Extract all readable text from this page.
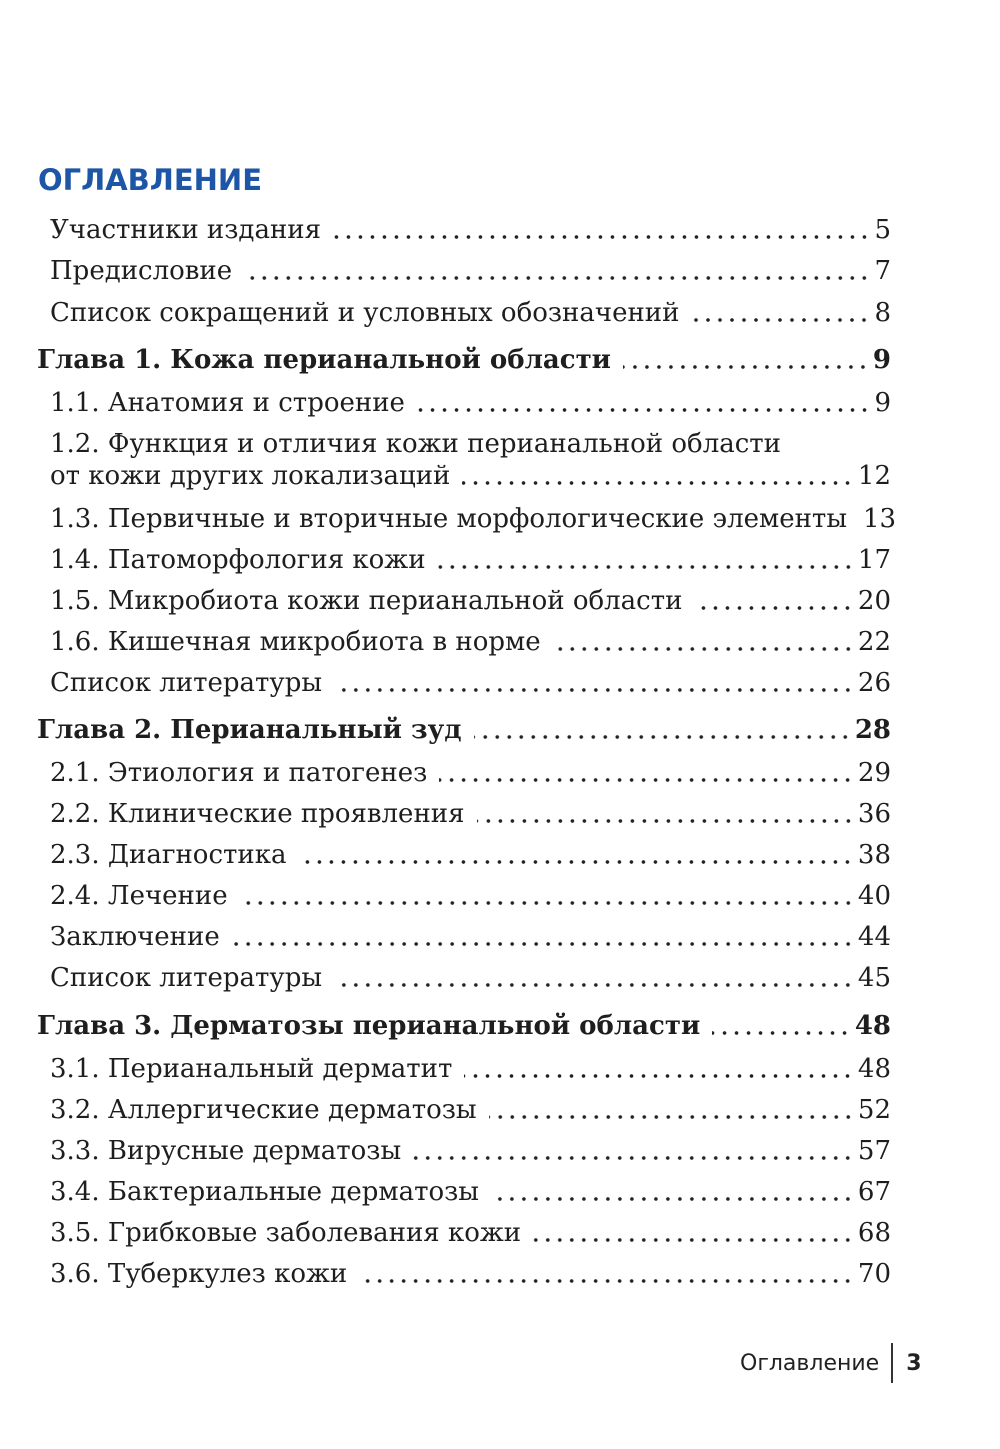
ОГЛАВЛЕНИЕ
Участники издания	5
Предисловие	7
Список сокращений и условных обозначений	8
Глава 1. Кожа перианальной области	9
1.1. Анатомия и строение	9
1.2. Функция и отличия кожи перианальной области
от кожи других локализаций	12
1.3. Первичные и вторичные морфологические элементы 13
1.4. Патоморфология кожи	17
1.5. Микробиота кожи перианальной области	20
1.6. Кишечная микробиота в норме	22
Список литературы	26
Глава 2. Перианальный зуд	28
2.1. Этиология и патогенез	29
2.2. Клинические проявления	36
2.3. Диагностика	38
2.4. Лечение	40
Заключение	44
Список литературы	45
Глава 3. Дерматозы перианальной области	48
3.1. Перианальный дерматит	48
3.2. Аллергические дерматозы	52
3.3. Вирусные дерматозы	57
3.4. Бактериальные дерматозы	67
3.5. Грибковые заболевания кожи	68
3.6. Туберкулез кожи	70
Оглавление 3
